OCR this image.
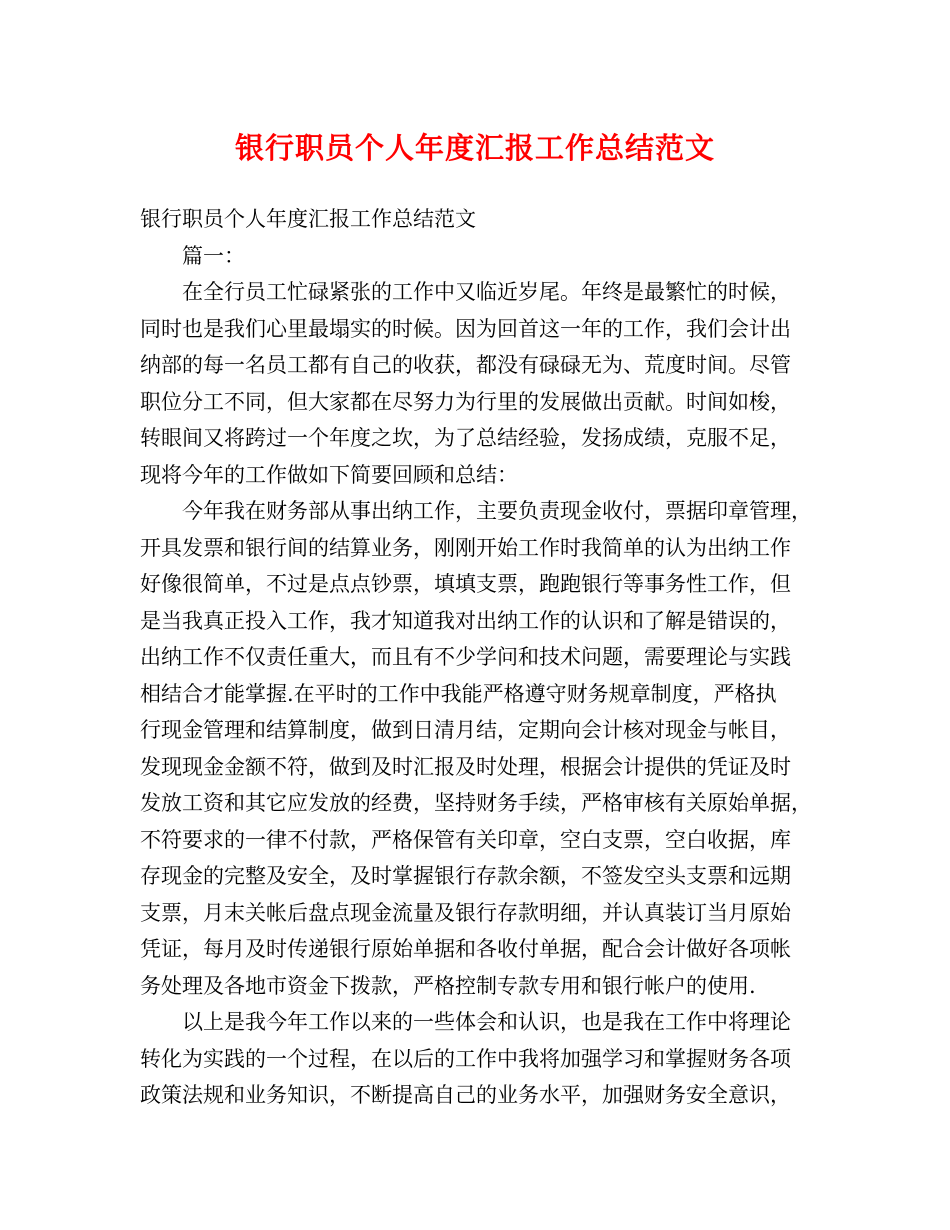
银行职员个人年度汇报工作总结范文
银行职员个人年度汇报工作总结范文
篇一：

在全行员工忙碌紧张的工作中又临近岁尾。年终是最繁忙的时候，
同时也是我们心里最塌实的时候。因为回首这一年的工作，我们会计出
纳部的每一名员工都有自己的收获，都没有碌碌无为、荒度时间。尽管
职位分工不同，但大家都在尽努力为行里的发展做出贡献。时间如梭，
转眼间又将跨过一个年度之坎，为了总结经验，发扬成绩，克服不足，
现将今年的工作做如下简要回顾和总结：

今年我在财务部从事出纳工作，主要负责现金收付，票据印章管理，
开具发票和银行间的结算业务，刚刚开始工作时我简单的认为出纳工作
好像很简单，不过是点点钞票，填填支票，跑跑银行等事务性工作，但
是当我真正投入工作，我才知道我对出纳工作的认识和了解是错误的，
出纳工作不仅责任重大，而且有不少学问和技术问题，需要理论与实践
相结合才能掌握.在平时的工作中我能严格遵守财务规章制度，严格执
行现金管理和结算制度，做到日清月结，定期向会计核对现金与帐目，
发现现金金额不符，做到及时汇报及时处理，根据会计提供的凭证及时
发放工资和其它应发放的经费，坚持财务手续，严格审核有关原始单据，
不符要求的一律不付款，严格保管有关印章，空白支票，空白收据，库
存现金的完整及安全，及时掌握银行存款余额，不签发空头支票和远期
支票，月末关帐后盘点现金流量及银行存款明细，并认真装订当月原始
凭证，每月及时传递银行原始单据和各收付单据，配合会计做好各项帐
务处理及各地市资金下拨款，严格控制专款专用和银行帐户的使用.

以上是我今年工作以来的一些体会和认识，也是我在工作中将理论
转化为实践的一个过程，在以后的工作中我将加强学习和掌握财务各项
政策法规和业务知识，不断提高自己的业务水平，加强财务安全意识，
